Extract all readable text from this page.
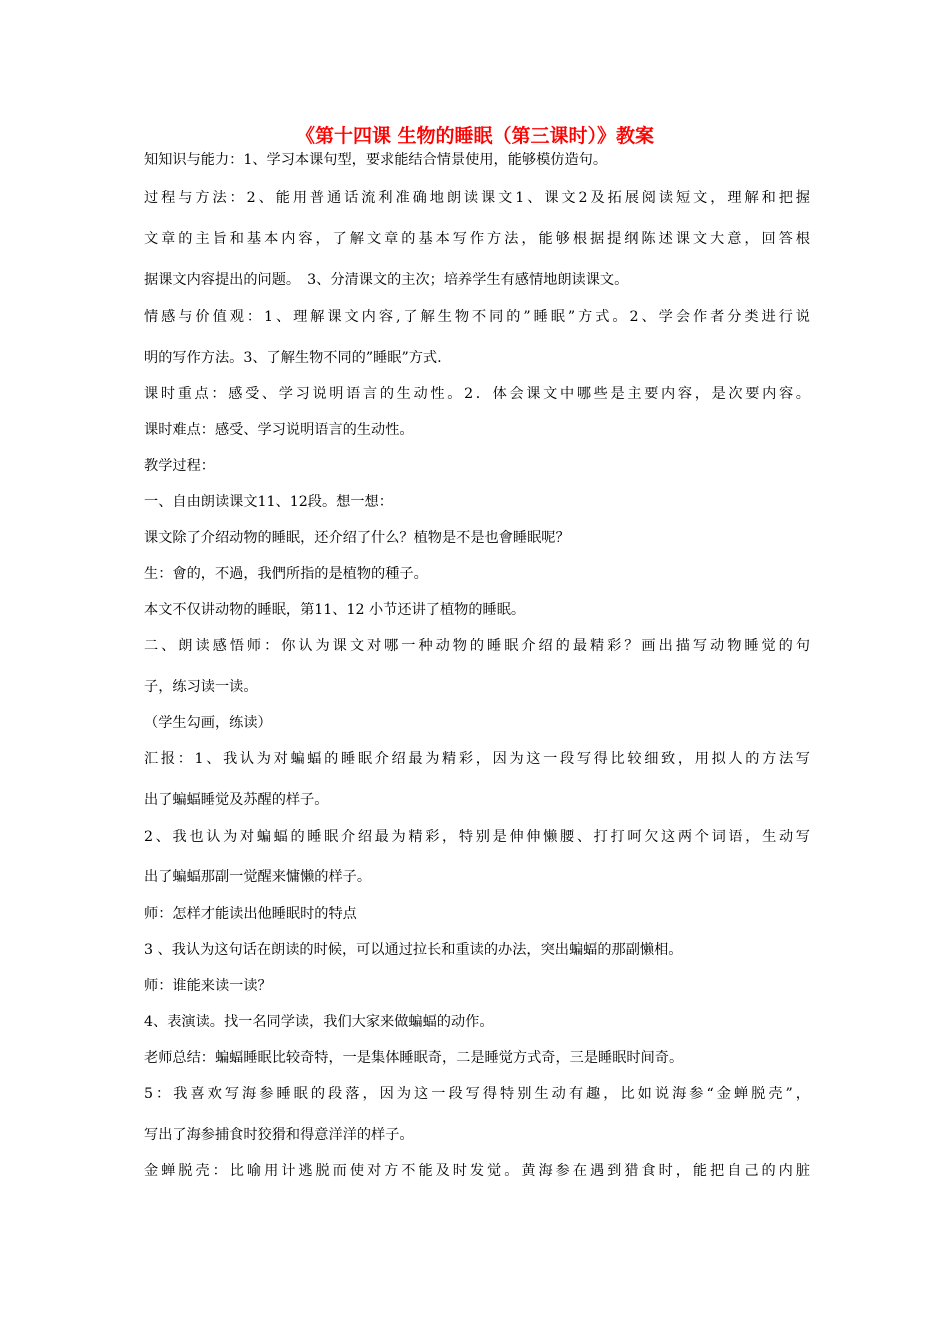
《第十四课 生物的睡眠（第三课时）》教案
知知识与能力：1、学习本课句型，要求能结合情景使用，能够模仿造句。
过程与方法：2、能用普通话流利准确地朗读课文1、课文2及拓展阅读短文，理解和把握
文章的主旨和基本内容，了解文章的基本写作方法，能够根据提纲陈述课文大意，回答根
据课文内容提出的问题。　3、分清课文的主次；培养学生有感情地朗读课文。
情感与价值观：1、理解课文内容,了解生物不同的”睡眠”方式。2、学会作者分类进行说
明的写作方法。3、了解生物不同的”睡眠”方式.
课时重点：感受、学习说明语言的生动性。2．体会课文中哪些是主要内容，是次要内容。
课时难点：感受、学习说明语言的生动性。
教学过程：
一、自由朗读课文11、12段。想一想：
课文除了介绍动物的睡眠，还介绍了什么？植物是不是也會睡眠呢？
生：會的，不過，我們所指的是植物的種子。
本文不仅讲动物的睡眠，第11、12 小节还讲了植物的睡眠。
二、朗读感悟师：你认为课文对哪一种动物的睡眠介绍的最精彩？画出描写动物睡觉的句
子，练习读一读。
（学生勾画，练读）
汇报：1、我认为对蝙蝠的睡眠介绍最为精彩，因为这一段写得比较细致，用拟人的方法写
出了蝙蝠睡觉及苏醒的样子。
2、我也认为对蝙蝠的睡眠介绍最为精彩，特别是伸伸懒腰、打打呵欠这两个词语，生动写
出了蝙蝠那副一觉醒来慵懒的样子。
师：怎样才能读出他睡眠时的特点
3 、我认为这句话在朗读的时候，可以通过拉长和重读的办法，突出蝙蝠的那副懒相。
师：谁能来读一读？
4、表演读。找一名同学读，我们大家来做蝙蝠的动作。
老师总结：蝙蝠睡眠比较奇特，一是集体睡眠奇，二是睡觉方式奇，三是睡眠时间奇。
5：我喜欢写海参睡眠的段落，因为这一段写得特别生动有趣，比如说海参“金蝉脱壳”，
写出了海参捕食时狡猾和得意洋洋的样子。
金蝉脱壳：比喻用计逃脱而使对方不能及时发觉。黄海参在遇到猎食时，能把自己的内脏
